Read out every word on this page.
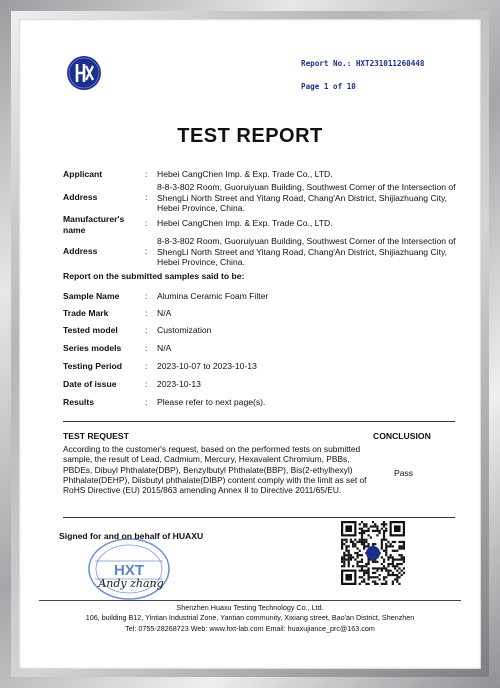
Report No.: HXT231011260448
Page 1 of 10
TEST REPORT
Applicant	: Hebei CangChen Imp. & Exp. Trade Co., LTD.
Address	:
8-8-3-802 Room, Guoruiyuan Building, Southwest Corner of the Intersection of ShengLi North Street and Yitang Road, Chang'An District, Shijiazhuang City, Hebei Province, China.
Manufacturer's name
: Hebei CangChen Imp. & Exp. Trade Co., LTD.
Address	:
8-8-3-802 Room, Guoruiyuan Building, Southwest Corner of the Intersection of ShengLi North Street and Yitang Road, Chang'An District, Shijiazhuang City, Hebei Province, China.
Report on the submitted samples said to be:
Sample Name	: Alumina Ceramic Foam Filter
Trade Mark	: N/A
Tested model	: Customization
Series models	: N/A
Testing Period	: 2023-10-07 to 2023-10-13
Date of issue	: 2023-10-13
Results	: Please refer to next page(s).
TEST REQUEST	CONCLUSION
According to the customer's request, based on the performed tests on submitted sample, the result of Lead, Cadmium, Mercury, Hexavalent Chromium, PBBs, PBDEs, Dibuyl Phthalate(DBP), Benzylbutyl Phthalate(BBP), Bis(2-ethylhexyl) Phthalate(DEHP), Diisbutyl phthalate(DIBP) content comply with the limit as set of RoHS Directive (EU) 2015/863 amending Annex II to Directive 2011/65/EU.
Pass
Signed for and on behalf of HUAXU
HXT
Andy zhang
Shenzhen Huaxu Testing Technology Co., Ltd.
106, building B12, Yintian Industrial Zone, Yantian community, Xixiang street, Bao'an District, Shenzhen
Tel: 0755-28268723 Web: www.hxt-lab.com Email: huaxujiance_prc@163.com
